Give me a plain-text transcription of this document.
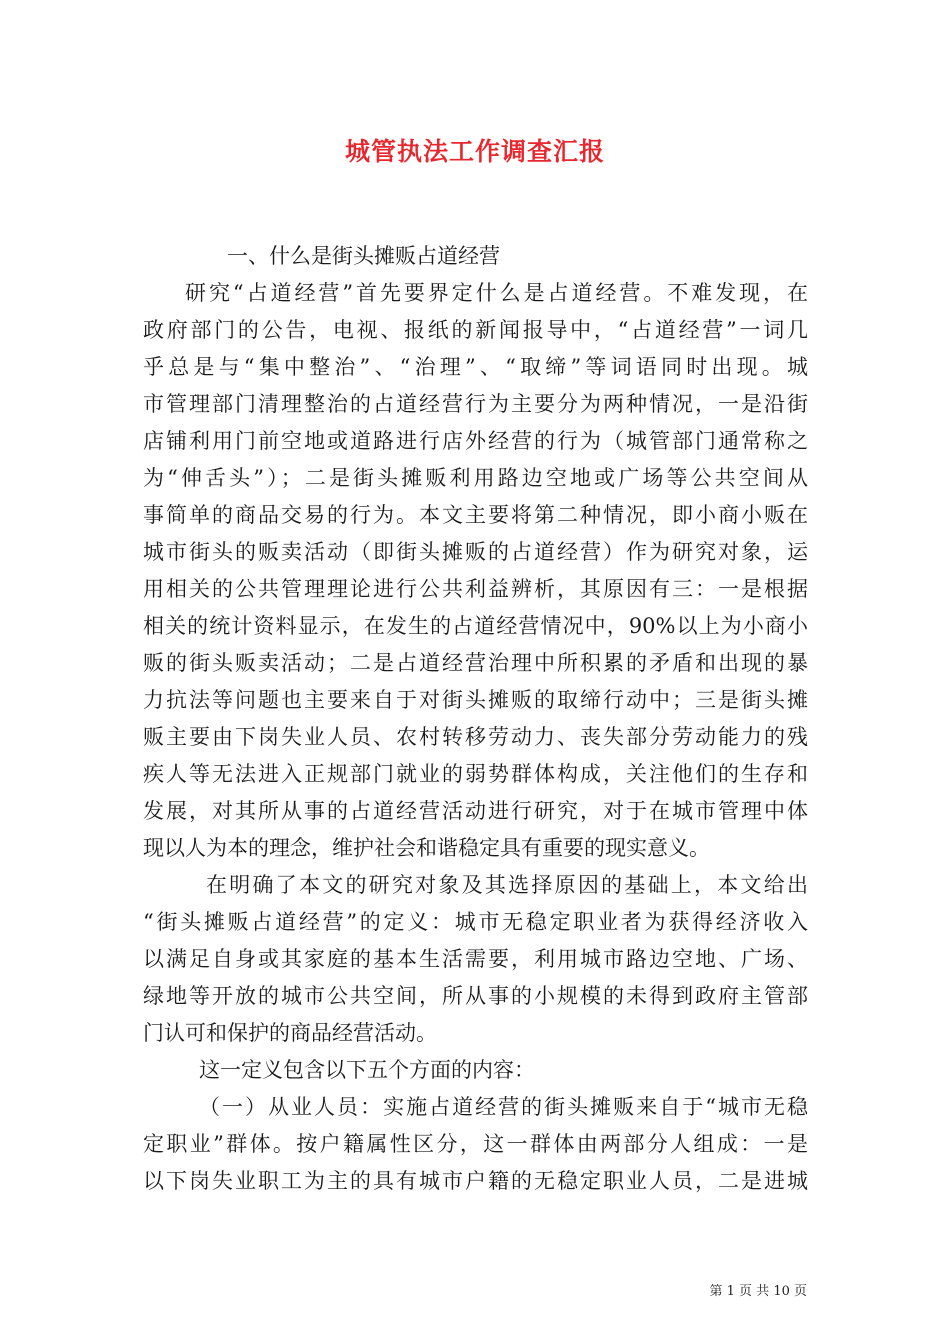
城管执法工作调查汇报
一、什么是街头摊贩占道经营
研究“占道经营”首先要界定什么是占道经营。不难发现，在
政府部门的公告，电视、报纸的新闻报导中，“占道经营”一词几
乎总是与“集中整治”、“治理”、“取缔”等词语同时出现。城
市管理部门清理整治的占道经营行为主要分为两种情况，一是沿街
店铺利用门前空地或道路进行店外经营的行为（城管部门通常称之
为“伸舌头”）；二是街头摊贩利用路边空地或广场等公共空间从
事简单的商品交易的行为。本文主要将第二种情况，即小商小贩在
城市街头的贩卖活动（即街头摊贩的占道经营）作为研究对象，运
用相关的公共管理理论进行公共利益辨析，其原因有三：一是根据
相关的统计资料显示，在发生的占道经营情况中，90%以上为小商小
贩的街头贩卖活动；二是占道经营治理中所积累的矛盾和出现的暴
力抗法等问题也主要来自于对街头摊贩的取缔行动中；三是街头摊
贩主要由下岗失业人员、农村转移劳动力、丧失部分劳动能力的残
疾人等无法进入正规部门就业的弱势群体构成，关注他们的生存和
发展，对其所从事的占道经营活动进行研究，对于在城市管理中体
现以人为本的理念，维护社会和谐稳定具有重要的现实意义。
在明确了本文的研究对象及其选择原因的基础上，本文给出
“街头摊贩占道经营”的定义：城市无稳定职业者为获得经济收入
以满足自身或其家庭的基本生活需要，利用城市路边空地、广场、
绿地等开放的城市公共空间，所从事的小规模的未得到政府主管部
门认可和保护的商品经营活动。
这一定义包含以下五个方面的内容：
（一）从业人员：实施占道经营的街头摊贩来自于“城市无稳
定职业”群体。按户籍属性区分，这一群体由两部分人组成：一是
以下岗失业职工为主的具有城市户籍的无稳定职业人员，二是进城
第 1 页 共 10 页
